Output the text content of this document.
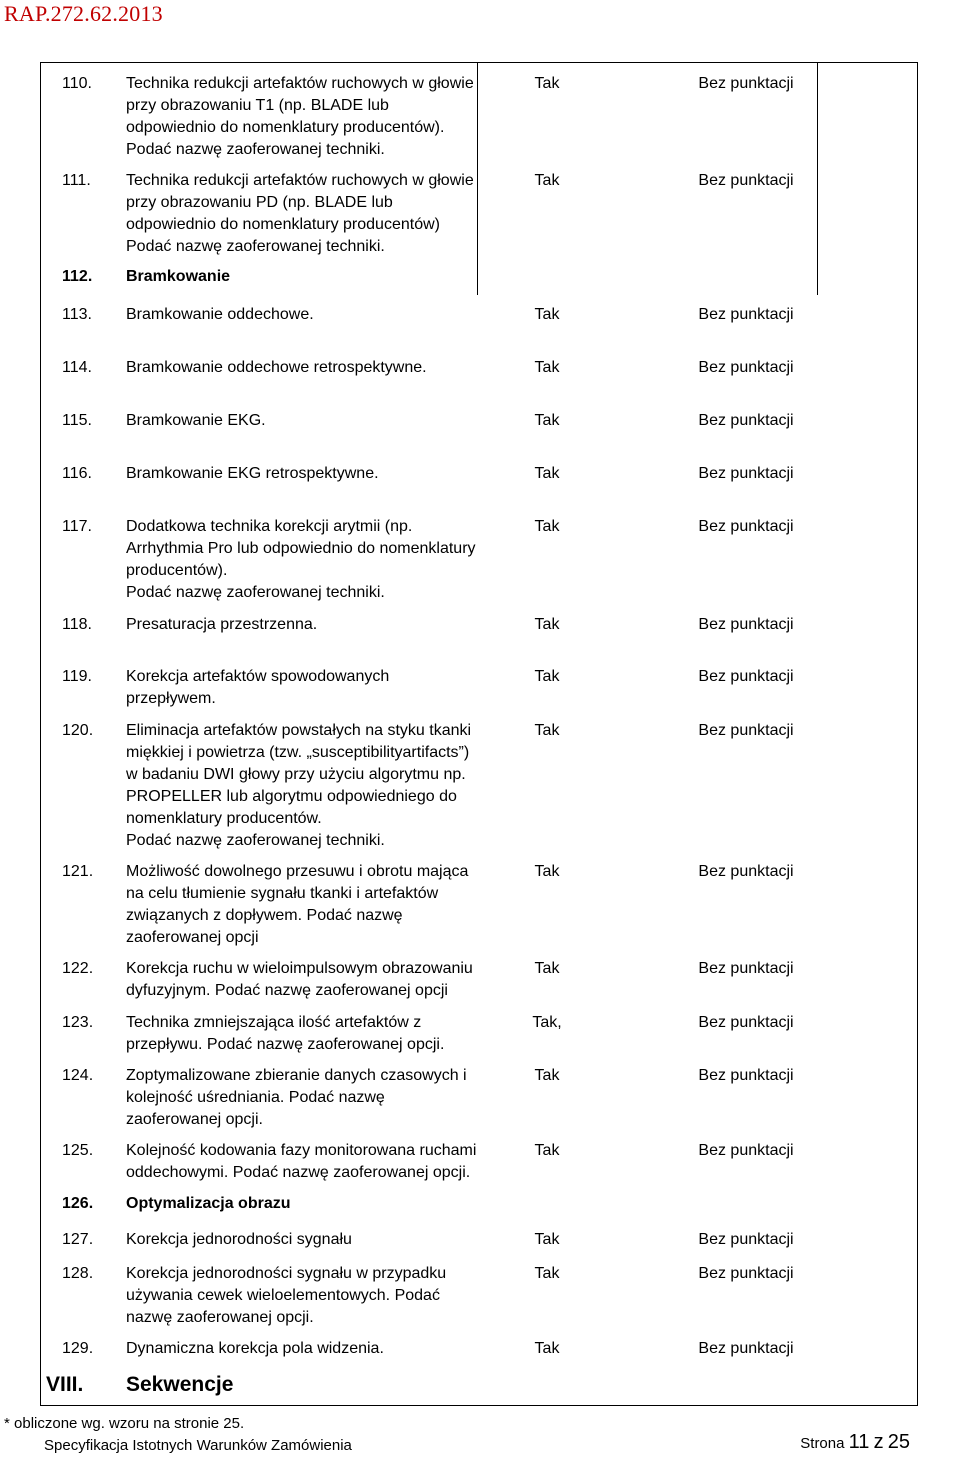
RAP.272.62.2013
110.	Technika redukcji artefaktów ruchowych w głowie
przy obrazowaniu T1 (np. BLADE lub
odpowiednio do nomenklatury producentów).
Podać nazwę zaoferowanej techniki.
Tak	Bez punktacji
111.	Technika redukcji artefaktów ruchowych w głowie
przy obrazowaniu PD (np. BLADE lub
odpowiednio do nomenklatury producentów)
Podać nazwę zaoferowanej techniki.
Tak	Bez punktacji
112.	Bramkowanie
113.	Bramkowanie oddechowe.	Tak	Bez punktacji
114.	Bramkowanie oddechowe retrospektywne.	Tak	Bez punktacji
115.	Bramkowanie EKG.	Tak	Bez punktacji
116.	Bramkowanie EKG retrospektywne.	Tak	Bez punktacji
117.	Dodatkowa technika korekcji arytmii (np.
Arrhythmia Pro lub odpowiednio do nomenklatury
producentów).
Podać nazwę zaoferowanej techniki.
Tak	Bez punktacji
118.	Presaturacja przestrzenna.	Tak	Bez punktacji
119.	Korekcja artefaktów spowodowanych
przepływem.
Tak	Bez punktacji
120.	Eliminacja artefaktów powstałych na styku tkanki
miękkiej i powietrza (tzw. „susceptibilityartifacts”)
w badaniu DWI głowy przy użyciu algorytmu np.
PROPELLER lub algorytmu odpowiedniego do
nomenklatury producentów.
Podać nazwę zaoferowanej techniki.
Tak	Bez punktacji
121.	Możliwość dowolnego przesuwu i obrotu mająca
na celu tłumienie sygnału tkanki i artefaktów
związanych z dopływem. Podać nazwę
zaoferowanej opcji
Tak	Bez punktacji
122.	Korekcja ruchu w wieloimpulsowym obrazowaniu
dyfuzyjnym. Podać nazwę zaoferowanej opcji
Tak	Bez punktacji
123.	Technika zmniejszająca ilość artefaktów z
przepływu. Podać nazwę zaoferowanej opcji.
Tak,	Bez punktacji
124.	Zoptymalizowane zbieranie danych czasowych i
kolejność uśredniania. Podać nazwę
zaoferowanej opcji.
Tak	Bez punktacji
125.	Kolejność kodowania fazy monitorowana ruchami
oddechowymi. Podać nazwę zaoferowanej opcji.
Tak	Bez punktacji
126.	Optymalizacja obrazu
127.	Korekcja jednorodności sygnału	Tak	Bez punktacji
128.	Korekcja jednorodności sygnału w przypadku
używania cewek wieloelementowych. Podać
nazwę zaoferowanej opcji.
Tak	Bez punktacji
129.	Dynamiczna korekcja pola widzenia.	Tak	Bez punktacji
VIII.	Sekwencje
* obliczone wg. wzoru na stronie 25.
Specyfikacja Istotnych Warunków Zamówienia	Strona 11 z 25
